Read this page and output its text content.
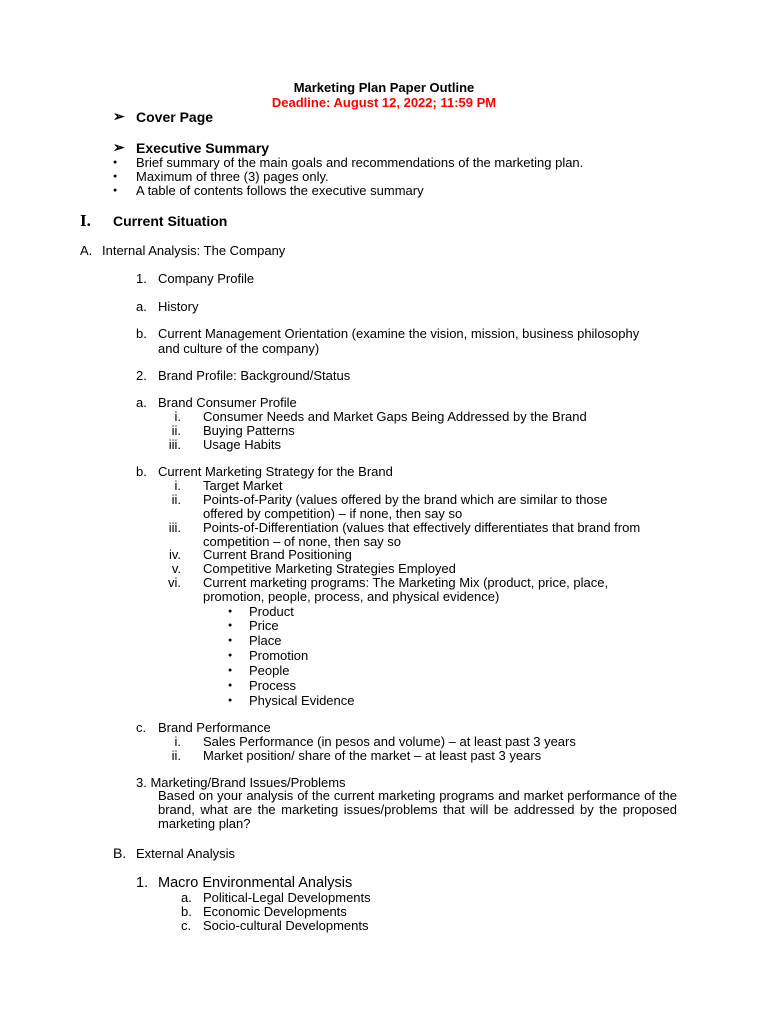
Marketing Plan Paper Outline
Deadline: August 12, 2022; 11:59 PM
➢ Cover Page
➢ Executive Summary
● Brief summary of the main goals and recommendations of the marketing plan.
● Maximum of three (3) pages only.
● A table of contents follows the executive summary
I. Current Situation
A. Internal Analysis: The Company
1. Company Profile
a. History
b. Current Management Orientation (examine the vision, mission, business philosophy
and culture of the company)
2. Brand Profile: Background/Status
a. Brand Consumer Profile
i. Consumer Needs and Market Gaps Being Addressed by the Brand
ii. Buying Patterns
iii. Usage Habits
b. Current Marketing Strategy for the Brand
i. Target Market
ii. Points-of-Parity (values offered by the brand which are similar to those
offered by competition) – if none, then say so
iii. Points-of-Differentiation (values that effectively differentiates that brand from
competition – of none, then say so
iv. Current Brand Positioning
v. Competitive Marketing Strategies Employed
vi. Current marketing programs: The Marketing Mix (product, price, place,
promotion, people, process, and physical evidence)
● Product
● Price
● Place
● Promotion
● People
● Process
● Physical Evidence
c. Brand Performance
i. Sales Performance (in pesos and volume) – at least past 3 years
ii. Market position/ share of the market – at least past 3 years
3. Marketing/Brand Issues/Problems
Based on your analysis of the current marketing programs and market performance of the brand, what are the marketing issues/problems that will be addressed by the proposed marketing plan?
B. External Analysis
1. Macro Environmental Analysis
a. Political-Legal Developments
b. Economic Developments
c. Socio-cultural Developments
